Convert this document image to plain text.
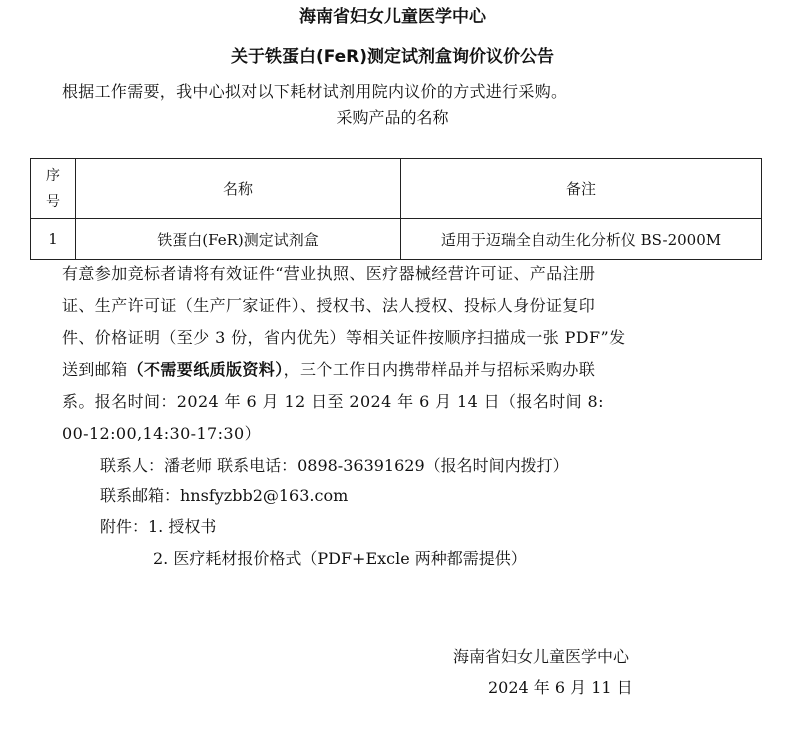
海南省妇女儿童医学中心
关于铁蛋白(FeR)测定试剂盒询价议价公告
根据工作需要，我中心拟对以下耗材试剂用院内议价的方式进行采购。
采购产品的名称
序号	名称	备注
1	铁蛋白(FeR)测定试剂盒	适用于迈瑞全自动生化分析仪 BS-2000M
有意参加竞标者请将有效证件“营业执照、医疗器械经营许可证、产品注册
证、生产许可证（生产厂家证件）、授权书、法人授权、投标人身份证复印
件、价格证明（至少 3 份，省内优先）等相关证件按顺序扫描成一张 PDF”发
送到邮箱（不需要纸质版资料），三个工作日内携带样品并与招标采购办联
系。报名时间：2024 年 6 月 12 日至 2024 年 6 月 14 日（报名时间 8:
00-12:00,14:30-17:30）
联系人：潘老师 联系电话：0898-36391629（报名时间内拨打）
联系邮箱：hnsfyzbb2@163.com
附件：1. 授权书
2. 医疗耗材报价格式（PDF+Excle 两种都需提供）
海南省妇女儿童医学中心
2024 年 6 月 11 日
